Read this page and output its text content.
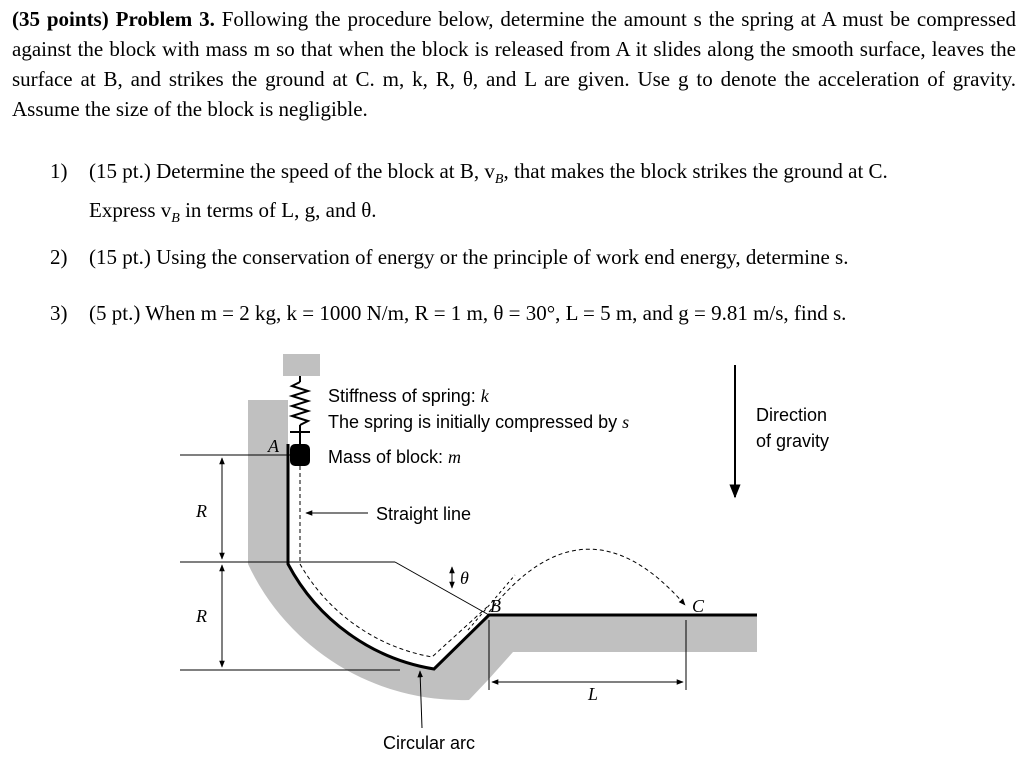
(35 points) Problem 3. Following the procedure below, determine the amount s the spring at A must be compressed against the block with mass m so that when the block is released from A it slides along the smooth surface, leaves the surface at B, and strikes the ground at C. m, k, R, θ, and L are given. Use g to denote the acceleration of gravity. Assume the size of the block is negligible.
1) (15 pt.) Determine the speed of the block at B, $v_B$, that makes the block strikes the ground at C.
Express $v_B$ in terms of L, g, and θ.
2) (15 pt.) Using the conservation of energy or the principle of work end energy, determine s.
3) (5 pt.) When m = 2 kg, k = 1000 N/m, R = 1 m, θ = 30°, L = 5 m, and g = 9.81 m/s, find s.
R
R
L
A
B	C
θ
Stiffness of spring: k
The spring is initially compressed by s
Mass of block: m
Straight line
Circular arc
Direction
of gravity
